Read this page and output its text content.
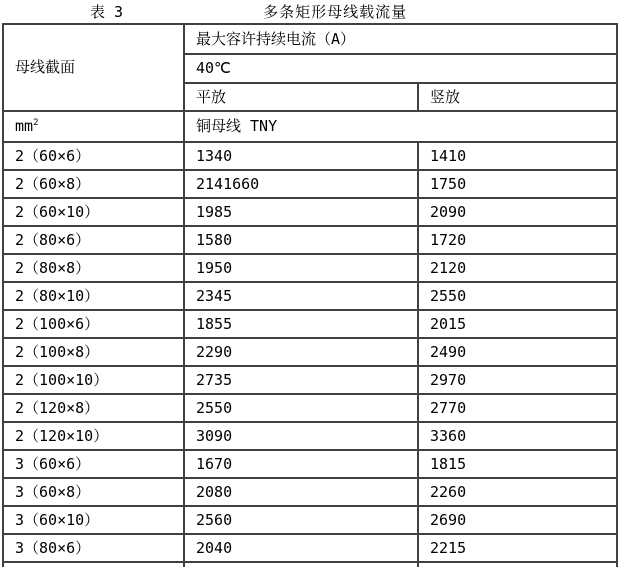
表 3	多条矩形母线载流量
母线截面	最大容许持续电流（A）	
	40℃	
	平放	竖放
$mm^2$	铜母线 TNY	
2（60×6）	1340	1410
2（60×8）	2141660	1750
2（60×10）	1985	2090
2（80×6）	1580	1720
2（80×8）	1950	2120
2（80×10）	2345	2550
2（100×6）	1855	2015
2（100×8）	2290	2490
2（100×10）	2735	2970
2（120×8）	2550	2770
2（120×10）	3090	3360
3（60×6）	1670	1815
3（60×8）	2080	2260
3（60×10）	2560	2690
3（80×6）	2040	2215
